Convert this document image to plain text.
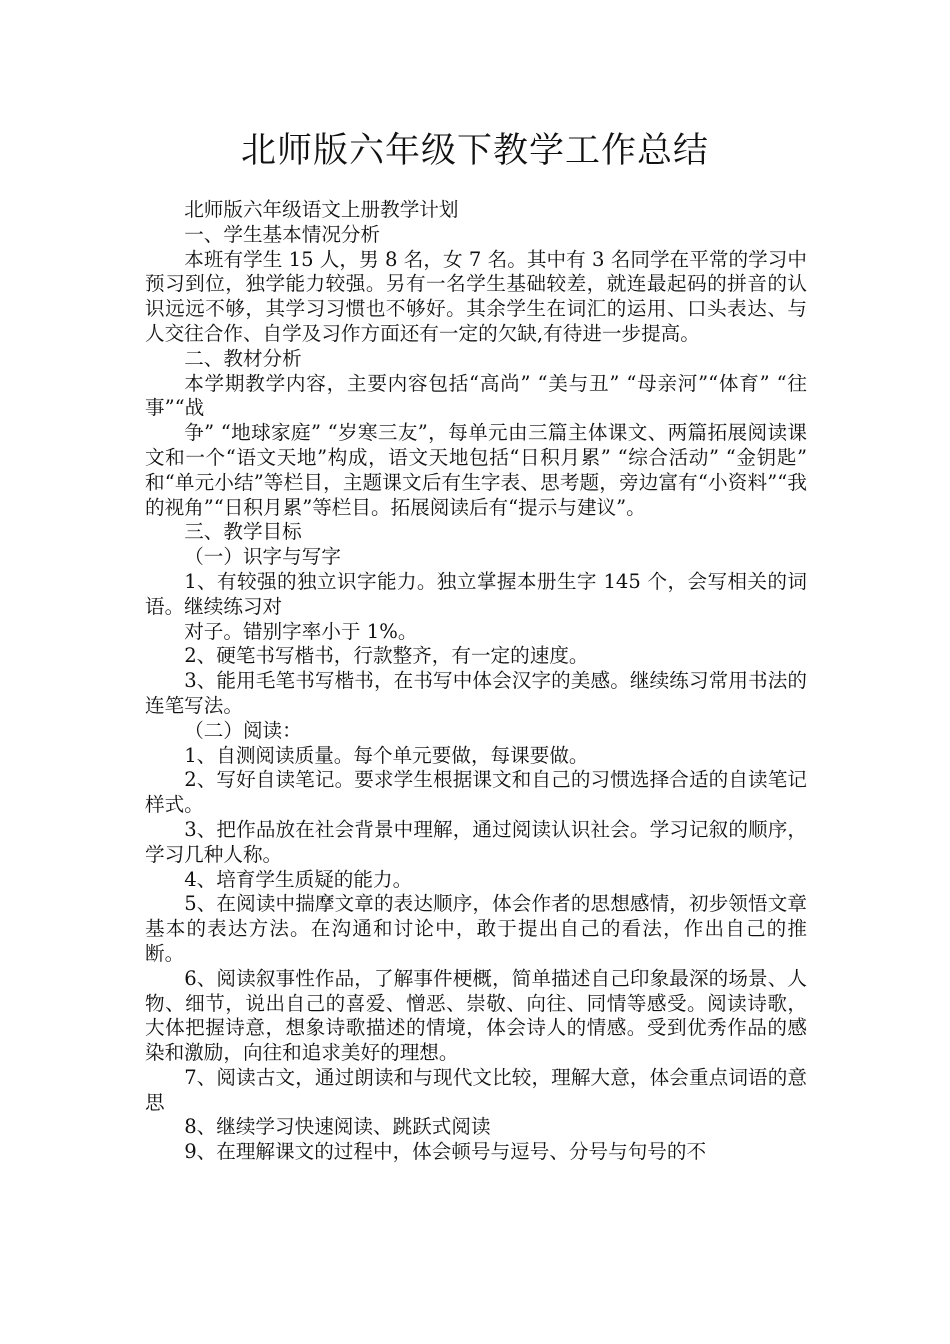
北师版六年级下教学工作总结

北师版六年级语文上册教学计划

一、学生基本情况分析

本班有学生 15 人，男 8 名，女 7 名。其中有 3 名同学在平常的学习中预习到位，独学能力较强。另有一名学生基础较差，就连最起码的拼音的认识远远不够，其学习习惯也不够好。其余学生在词汇的运用、口头表达、与人交往合作、自学及习作方面还有一定的欠缺,有待进一步提高。

二、教材分析

本学期教学内容，主要内容包括“高尚” “美与丑” “母亲河”“体育” “往事”“战

争” “地球家庭” “岁寒三友”，每单元由三篇主体课文、两篇拓展阅读课文和一个“语文天地”构成，语文天地包括“日积月累” “综合活动” “金钥匙” 和“单元小结”等栏目，主题课文后有生字表、思考题，旁边富有“小资料”“我的视角”“日积月累”等栏目。拓展阅读后有“提示与建议”。

三、教学目标

（一）识字与写字

1、有较强的独立识字能力。独立掌握本册生字 145 个，会写相关的词语。继续练习对

对子。错别字率小于 1%。

2、硬笔书写楷书，行款整齐，有一定的速度。

3、能用毛笔书写楷书，在书写中体会汉字的美感。继续练习常用书法的连笔写法。

（二）阅读：

1、自测阅读质量。每个单元要做，每课要做。

2、写好自读笔记。要求学生根据课文和自己的习惯选择合适的自读笔记样式。

3、把作品放在社会背景中理解，通过阅读认识社会。学习记叙的顺序，学习几种人称。

4、培育学生质疑的能力。

5、在阅读中揣摩文章的表达顺序，体会作者的思想感情，初步领悟文章基本的表达方法。在沟通和讨论中，敢于提出自己的看法，作出自己的推断。

6、阅读叙事性作品，了解事件梗概，简单描述自己印象最深的场景、人物、细节，说出自己的喜爱、憎恶、崇敬、向往、同情等感受。阅读诗歌，大体把握诗意，想象诗歌描述的情境，体会诗人的情感。受到优秀作品的感染和激励，向往和追求美好的理想。

7、阅读古文，通过朗读和与现代文比较，理解大意，体会重点词语的意思

8、继续学习快速阅读、跳跃式阅读

9、在理解课文的过程中，体会顿号与逗号、分号与句号的不
